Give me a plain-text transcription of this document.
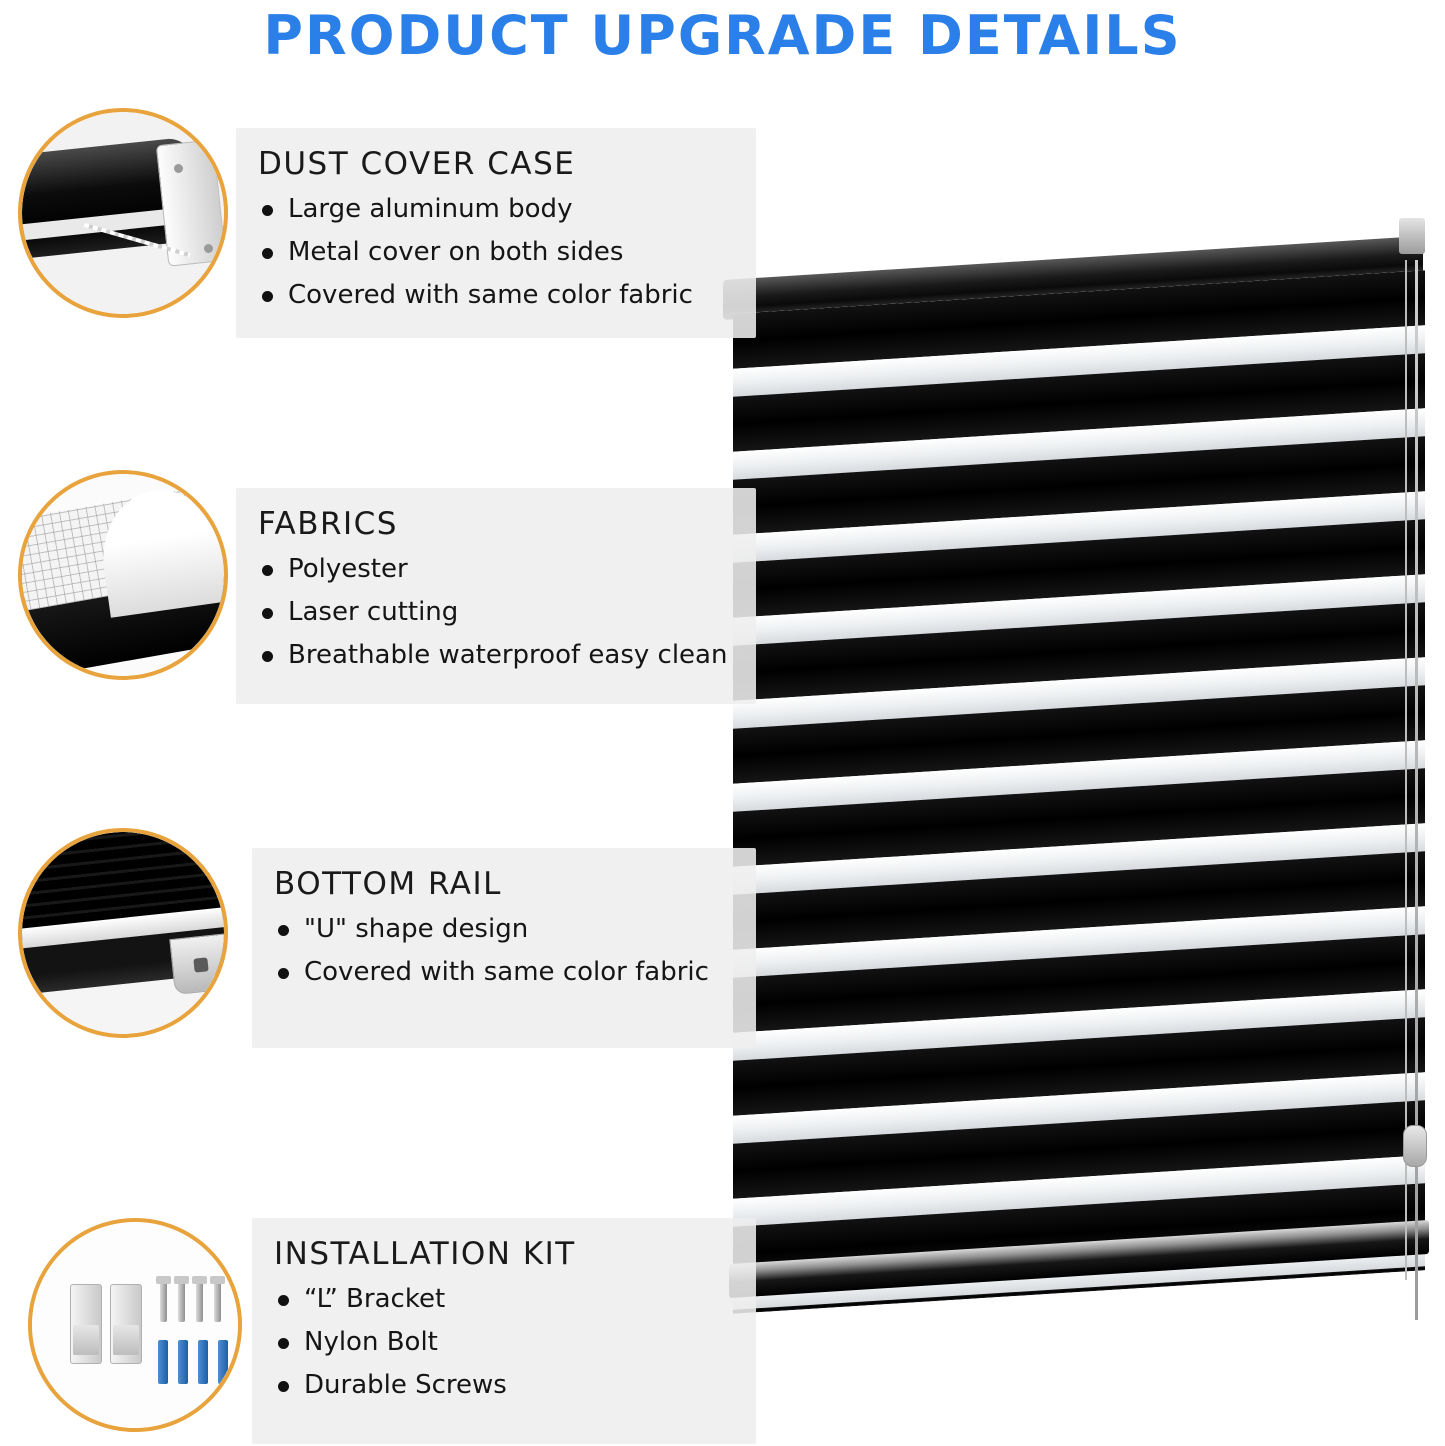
PRODUCT UPGRADE DETAILS
DUST COVER CASE
Large aluminum body
Metal cover on both sides
Covered with same color fabric
FABRICS
Polyester
Laser cutting
Breathable waterproof easy clean
BOTTOM RAIL
"U" shape design
Covered with same color fabric
INSTALLATION KIT
“L” Bracket
Nylon Bolt
Durable Screws
